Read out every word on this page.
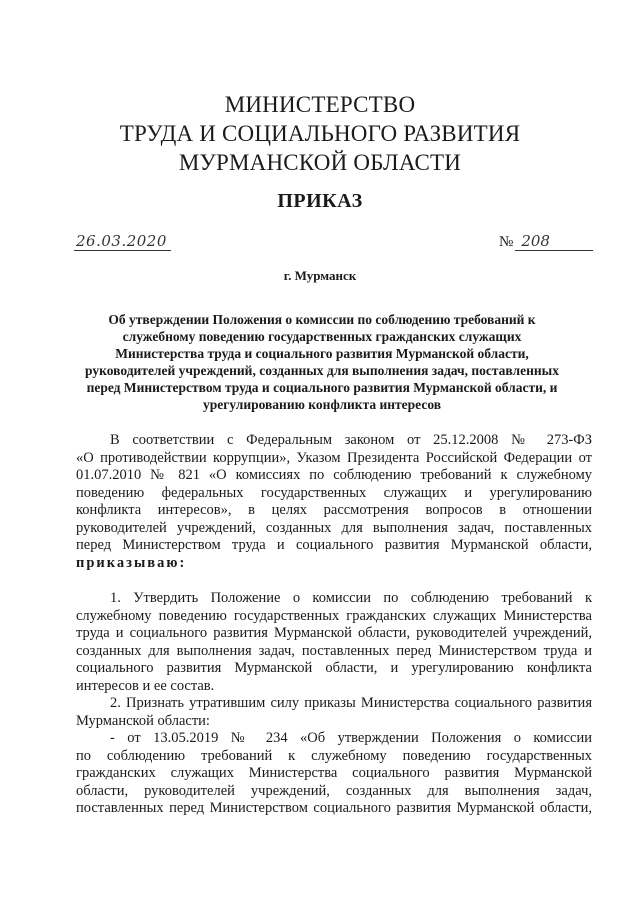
МИНИСТЕРСТВО
ТРУДА И СОЦИАЛЬНОГО РАЗВИТИЯ
МУРМАНСКОЙ ОБЛАСТИ
ПРИКАЗ
26.03.2020	№ 208
г. Мурманск
Об утверждении Положения о комиссии по соблюдению требований к
служебному поведению государственных гражданских служащих
Министерства труда и социального развития Мурманской области,
руководителей учреждений, созданных для выполнения задач, поставленных
перед Министерством труда и социального развития Мурманской области, и
урегулированию конфликта интересов
В соответствии с Федеральным законом от 25.12.2008 № 273-ФЗ
«О противодействии коррупции», Указом Президента Российской Федерации от
01.07.2010 № 821 «О комиссиях по соблюдению требований к служебному
поведению федеральных государственных служащих и урегулированию
конфликта интересов», в целях рассмотрения вопросов в отношении
руководителей учреждений, созданных для выполнения задач, поставленных
перед Министерством труда и социального развития Мурманской области,
приказываю:
1. Утвердить Положение о комиссии по соблюдению требований к
служебному поведению государственных гражданских служащих Министерства
труда и социального развития Мурманской области, руководителей учреждений,
созданных для выполнения задач, поставленных перед Министерством труда и
социального развития Мурманской области, и урегулированию конфликта
интересов и ее состав.
2. Признать утратившим силу приказы Министерства социального развития
Мурманской области:
- от 13.05.2019 № 234 «Об утверждении Положения о комиссии
по соблюдению требований к служебному поведению государственных
гражданских служащих Министерства социального развития Мурманской
области, руководителей учреждений, созданных для выполнения задач,
поставленных перед Министерством социального развития Мурманской области,
